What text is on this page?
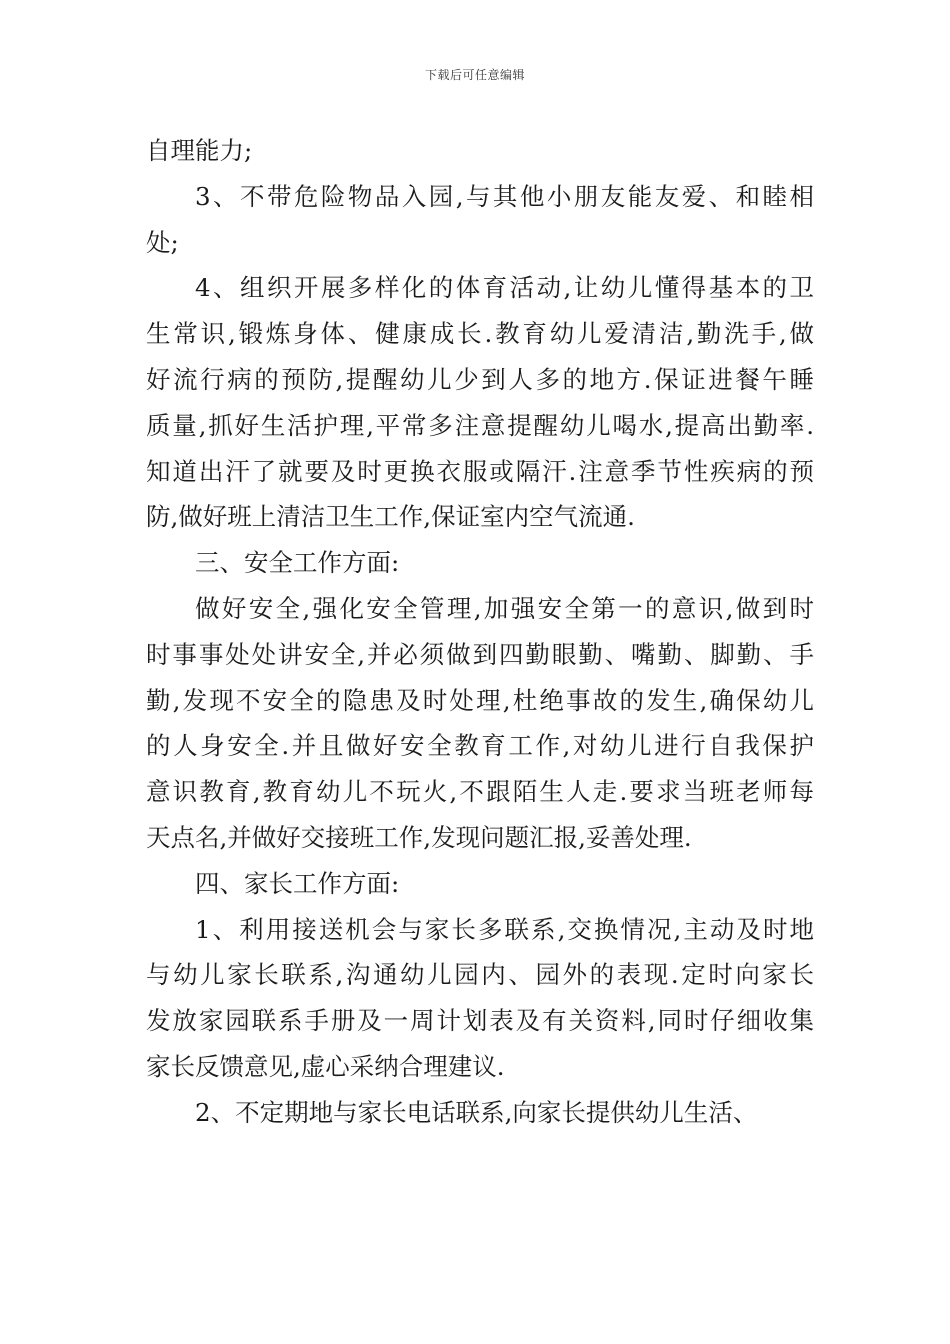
下载后可任意编辑
自理能力;
3、不带危险物品入园,与其他小朋友能友爱、和睦相
处;
4、组织开展多样化的体育活动,让幼儿懂得基本的卫
生常识,锻炼身体、健康成长.教育幼儿爱清洁,勤洗手,做
好流行病的预防,提醒幼儿少到人多的地方.保证进餐午睡
质量,抓好生活护理,平常多注意提醒幼儿喝水,提高出勤率.
知道出汗了就要及时更换衣服或隔汗.注意季节性疾病的预
防,做好班上清洁卫生工作,保证室内空气流通.
三、安全工作方面:
做好安全,强化安全管理,加强安全第一的意识,做到时
时事事处处讲安全,并必须做到四勤眼勤、嘴勤、脚勤、手
勤,发现不安全的隐患及时处理,杜绝事故的发生,确保幼儿
的人身安全.并且做好安全教育工作,对幼儿进行自我保护
意识教育,教育幼儿不玩火,不跟陌生人走.要求当班老师每
天点名,并做好交接班工作,发现问题汇报,妥善处理.
四、家长工作方面:
1、利用接送机会与家长多联系,交换情况,主动及时地
与幼儿家长联系,沟通幼儿园内、园外的表现.定时向家长
发放家园联系手册及一周计划表及有关资料,同时仔细收集
家长反馈意见,虚心采纳合理建议.
2、不定期地与家长电话联系,向家长提供幼儿生活、
